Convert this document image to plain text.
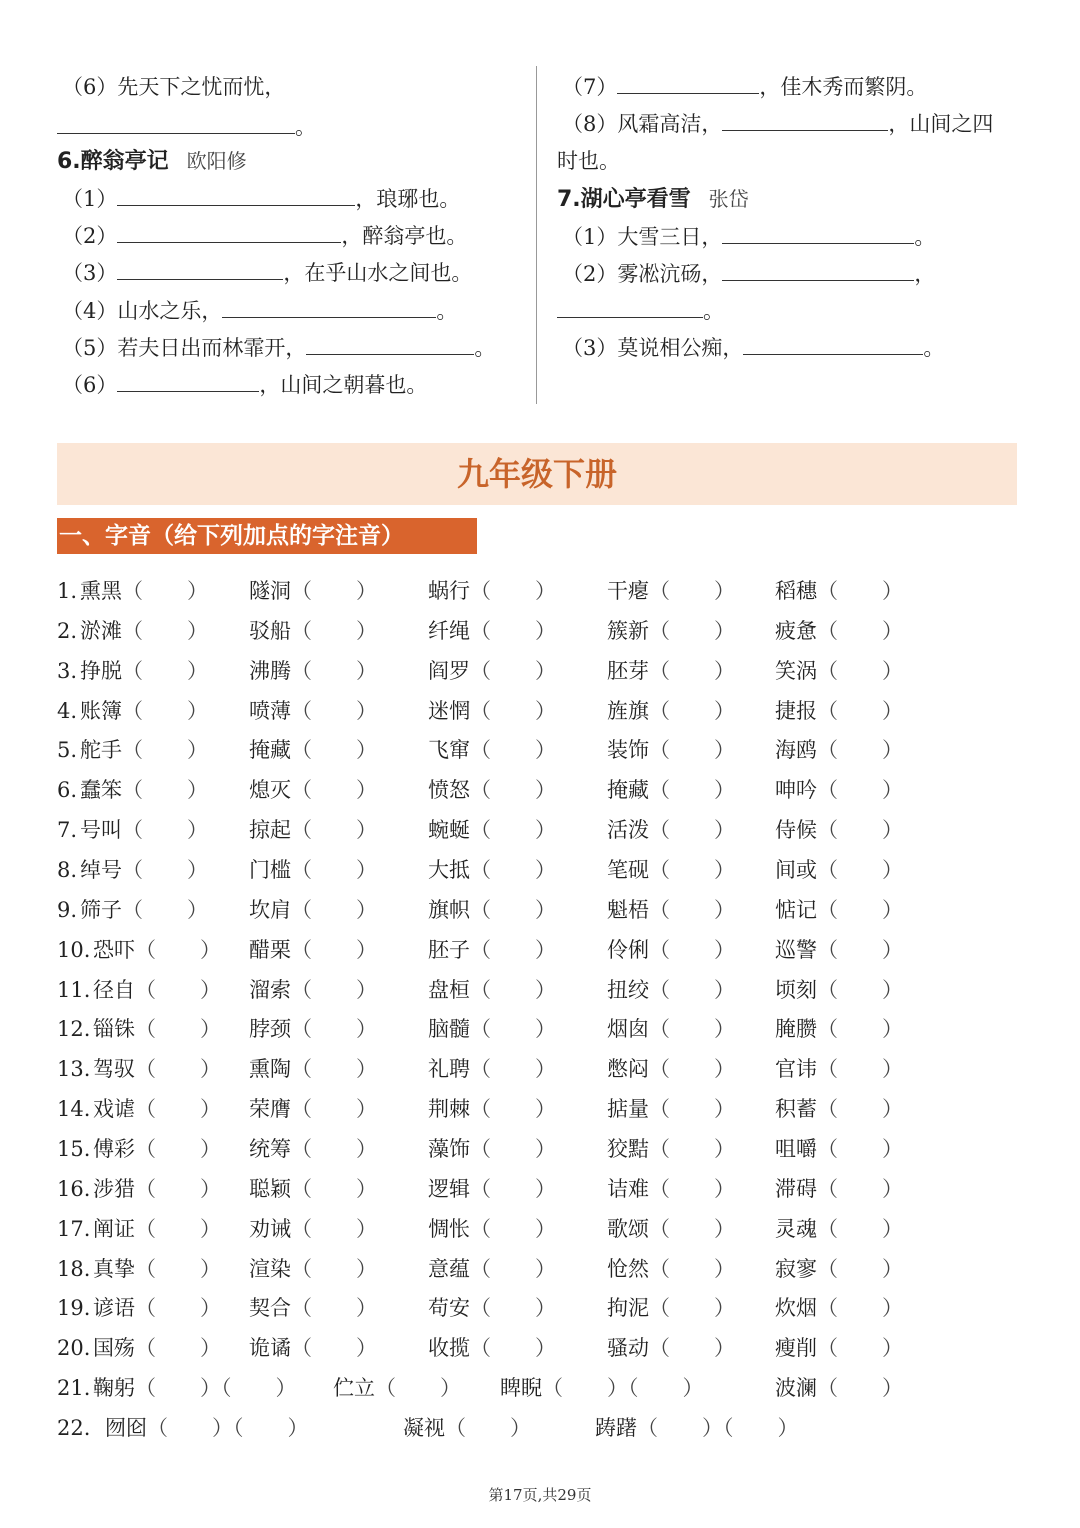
（6）先天下之忧而忧，
。
6.醉翁亭记 欧阳修
（1）	，琅琊也。
（2）	，醉翁亭也。
（3）	，在乎山水之间也。
（4）山水之乐，	。
（5）若夫日出而林霏开，	。
（6）	，山间之朝暮也。
（7）	，佳木秀而繁阴。
（8）风霜高洁，	，山间之四
时也。
7.湖心亭看雪 张岱
（1）大雪三日，	。
（2）雾凇沆砀，	，
。
（3）莫说相公痴，	。
九年级下册
一、字音（给下列加点的字注音）
1. 熏黑（ ） 隧洞（ ） 蜗行（ ） 干瘪（ ） 稻穗（ ）
2. 淤滩（ ） 驳船（ ） 纤绳（ ） 簇新（ ） 疲惫（ ）
3. 挣脱（ ） 沸腾（ ） 阎罗（ ） 胚芽（ ） 笑涡（ ）
4. 账簿（ ） 喷薄（ ） 迷惘（ ） 旌旗（ ） 捷报（ ）
5. 舵手（ ） 掩藏（ ） 飞窜（ ） 装饰（ ） 海鸥（ ）
6. 蠢笨（ ） 熄灭（ ） 愤怒（ ） 掩藏（ ） 呻吟（ ）
7. 号叫（ ） 掠起（ ） 蜿蜒（ ） 活泼（ ） 侍候（ ）
8. 绰号（ ） 门槛（ ） 大抵（ ） 笔砚（ ） 间或（ ）
9. 筛子（ ） 坎肩（ ） 旗帜（ ） 魁梧（ ） 惦记（ ）
10. 恐吓（ ） 醋栗（ ） 胚子（ ） 伶俐（ ） 巡警（ ）
11. 径自（ ） 溜索（ ） 盘桓（ ） 扭绞（ ） 顷刻（ ）
12. 锱铢（ ） 脖颈（ ） 脑髓（ ） 烟囱（ ） 腌臜（ ）
13. 驾驭（ ） 熏陶（ ） 礼聘（ ） 憋闷（ ） 官讳（ ）
14. 戏谑（ ） 荣膺（ ） 荆棘（ ） 掂量（ ） 积蓄（ ）
15. 傅彩（ ） 统筹（ ） 藻饰（ ） 狡黠（ ） 咀嚼（ ）
16. 涉猎（ ） 聪颖（ ） 逻辑（ ） 诘难（ ） 滞碍（ ）
17. 阐证（ ） 劝诫（ ） 惆怅（ ） 歌颂（ ） 灵魂（ ）
18. 真挚（ ） 渲染（ ） 意蕴（ ） 怆然（ ） 寂寥（ ）
19. 谚语（ ） 契合（ ） 苟安（ ） 拘泥（ ） 炊烟（ ）
20. 国殇（ ） 诡谲（ ） 收揽（ ） 骚动（ ） 瘦削（ ）
21. 鞠躬（ ）（ ） 伫立（ ） 睥睨（ ）（ ）	波澜（ ）
22. 囫囵（ ）（ ）	凝视（ ）	踌躇（ ）（ ）
第17页,共29页
